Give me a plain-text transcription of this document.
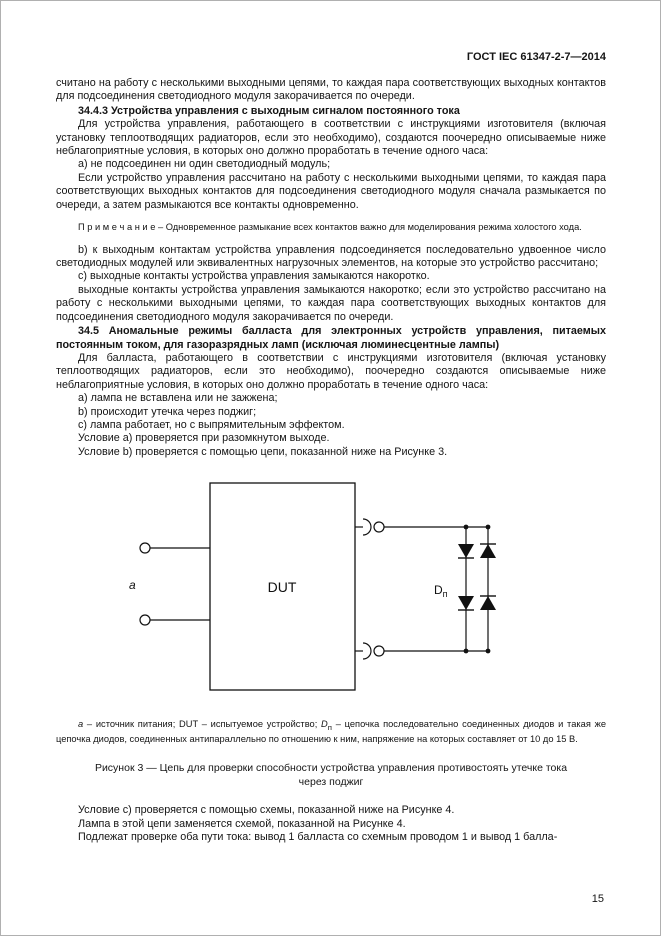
ГОСТ IEC 61347-2-7—2014

считано на работу с несколькими выходными цепями, то каждая пара соответствующих выходных контактов для подсоединения светодиодного модуля закорачивается по очереди.

34.4.3 Устройства управления с выходным сигналом постоянного тока

Для устройства управления, работающего в соответствии с инструкциями изготовителя (включая установку теплоотводящих радиаторов, если это необходимо), создаются поочередно описываемые ниже неблагоприятные условия, в которых оно должно проработать в течение одного часа:

а) не подсоединен ни один светодиодный модуль;

Если устройство управления рассчитано на работу с несколькими выходными цепями, то каждая пара соответствующих выходных контактов для подсоединения светодиодного модуля сначала размыкается по очереди, а затем размыкаются все контакты одновременно.

П р и м е ч а н и е – Одновременное размыкание всех контактов важно для моделирования режима холостого хода.

b) к выходным контактам устройства управления подсоединяется последовательно удвоенное число светодиодных модулей или эквивалентных нагрузочных элементов, на которые это устройство рассчитано;

с) выходные контакты устройства управления замыкаются накоротко.

выходные контакты устройства управления замыкаются накоротко; если это устройство рассчитано на работу с несколькими выходными цепями, то каждая пара соответствующих выходных контактов для подсоединения светодиодного модуля закорачивается по очереди.

34.5 Аномальные режимы балласта для электронных устройств управления, питаемых постоянным током, для газоразрядных ламп (исключая люминесцентные лампы)

Для балласта, работающего в соответствии с инструкциями изготовителя (включая установку теплоотводящих радиаторов, если это необходимо), поочередно создаются описываемые ниже неблагоприятные условия, в которых оно должно проработать в течение одного часа:

а) лампа не вставлена или не зажжена;

b) происходит утечка через поджиг;

с) лампа работает, но с выпрямительным эффектом.

Условие а) проверяется при разомкнутом выходе.

Условие b) проверяется с помощью цепи, показанной ниже на Рисунке 3.

а	DUT	$D_п$

а – источник питания; DUT – испытуемое устройство; $D_п$ – цепочка последовательно соединенных диодов и такая же цепочка диодов, соединенных антипараллельно по отношению к ним, напряжение на которых составляет от 10 до 15 В.

Рисунок 3 — Цепь для проверки способности устройства управления противостоять утечке тока через поджиг

Условие с) проверяется с помощью схемы, показанной ниже на Рисунке 4.

Лампа в этой цепи заменяется схемой, показанной на Рисунке 4.

Подлежат проверке оба пути тока: вывод 1 балласта со схемным проводом 1 и вывод 1 балла-

15
